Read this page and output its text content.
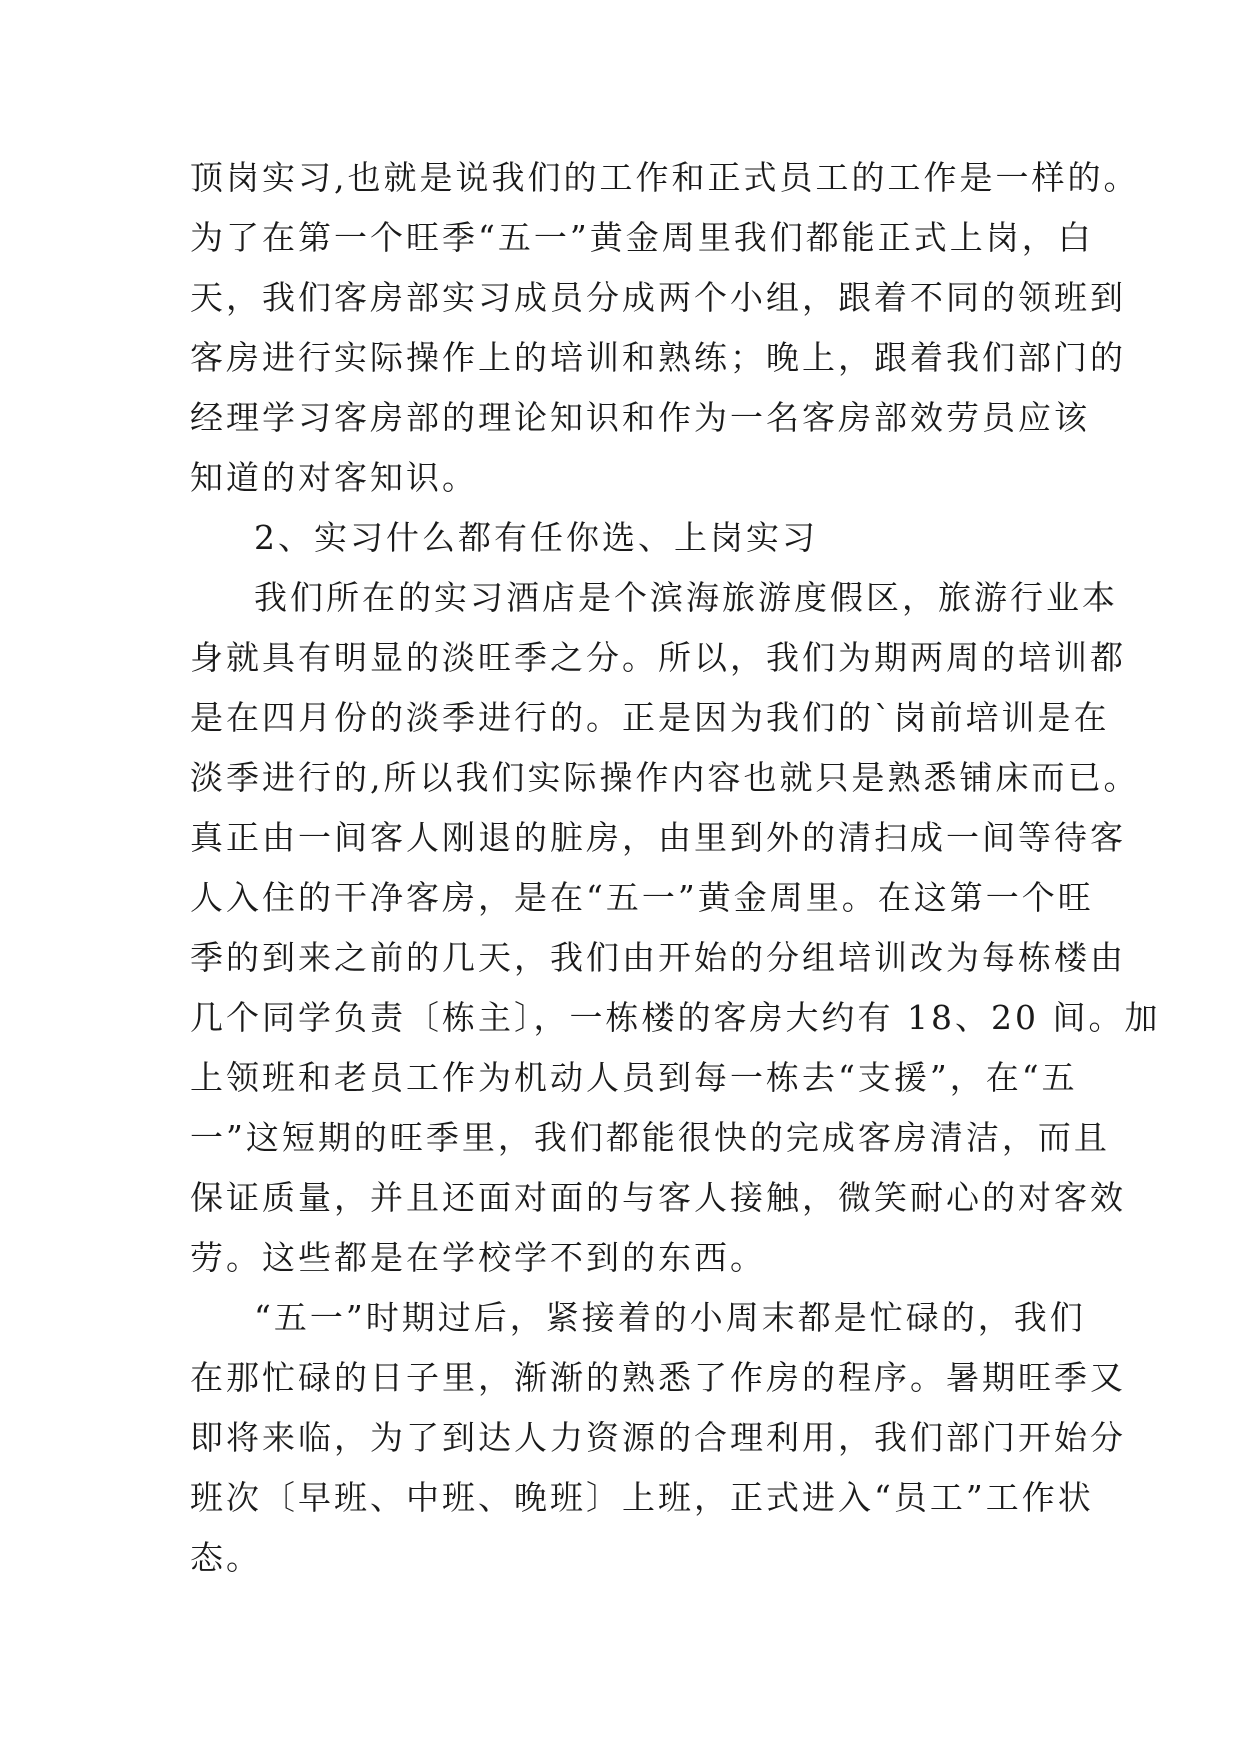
顶岗实习,也就是说我们的工作和正式员工的工作是一样的。
为了在第一个旺季“五一”黄金周里我们都能正式上岗，白
天，我们客房部实习成员分成两个小组，跟着不同的领班到
客房进行实际操作上的培训和熟练；晚上，跟着我们部门的
经理学习客房部的理论知识和作为一名客房部效劳员应该
知道的对客知识。
2、实习什么都有任你选、上岗实习
我们所在的实习酒店是个滨海旅游度假区，旅游行业本
身就具有明显的淡旺季之分。所以，我们为期两周的培训都
是在四月份的淡季进行的。正是因为我们的`岗前培训是在
淡季进行的,所以我们实际操作内容也就只是熟悉铺床而已。
真正由一间客人刚退的脏房，由里到外的清扫成一间等待客
人入住的干净客房，是在“五一”黄金周里。在这第一个旺
季的到来之前的几天，我们由开始的分组培训改为每栋楼由
几个同学负责〔栋主〕，一栋楼的客房大约有 18、20 间。加
上领班和老员工作为机动人员到每一栋去“支援”，在“五
一”这短期的旺季里，我们都能很快的完成客房清洁，而且
保证质量，并且还面对面的与客人接触，微笑耐心的对客效
劳。这些都是在学校学不到的东西。
“五一”时期过后，紧接着的小周末都是忙碌的，我们
在那忙碌的日子里，渐渐的熟悉了作房的程序。暑期旺季又
即将来临，为了到达人力资源的合理利用，我们部门开始分
班次〔早班、中班、晚班〕上班，正式进入“员工”工作状
态。
